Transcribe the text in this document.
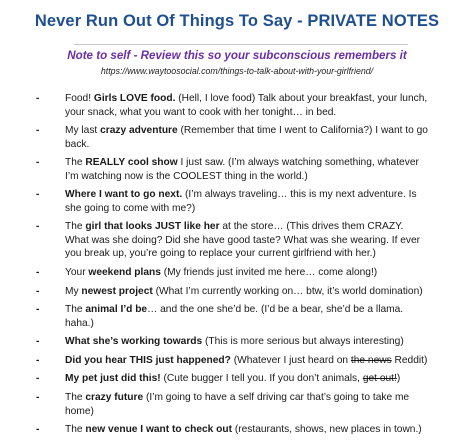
Never Run Out Of Things To Say - PRIVATE NOTES
Note to self - Review this so your subconscious remembers it
https://www.waytoosocial.com/things-to-talk-about-with-your-girlfriend/
-	Food! Girls LOVE food. (Hell, I love food) Talk about your breakfast, your lunch, your snack, what you want to cook with her tonight… in bed.
-	My last crazy adventure (Remember that time I went to California?) I want to go back.
-	The REALLY cool show I just saw. (I’m always watching something, whatever I’m watching now is the COOLEST thing in the world.)
-	Where I want to go next. (I’m always traveling… this is my next adventure. Is she going to come with me?)
-	The girl that looks JUST like her at the store… (This drives them CRAZY. What was she doing? Did she have good taste? What was she wearing. If ever you break up, you’re going to replace your current girlfriend with her.)
-	Your weekend plans (My friends just invited me here… come along!)
-	My newest project (What I’m currently working on… btw, it’s world domination)
-	The animal I’d be… and the one she’d be. (I’d be a bear, she’d be a llama. haha.)
-	What she’s working towards (This is more serious but always interesting)
-	Did you hear THIS just happened? (Whatever I just heard on the news Reddit)
-	My pet just did this! (Cute bugger I tell you. If you don’t animals, get out!)
-	The crazy future (I’m going to have a self driving car that’s going to take me home)
-	The new venue I want to check out (restaurants, shows, new places in town.)
